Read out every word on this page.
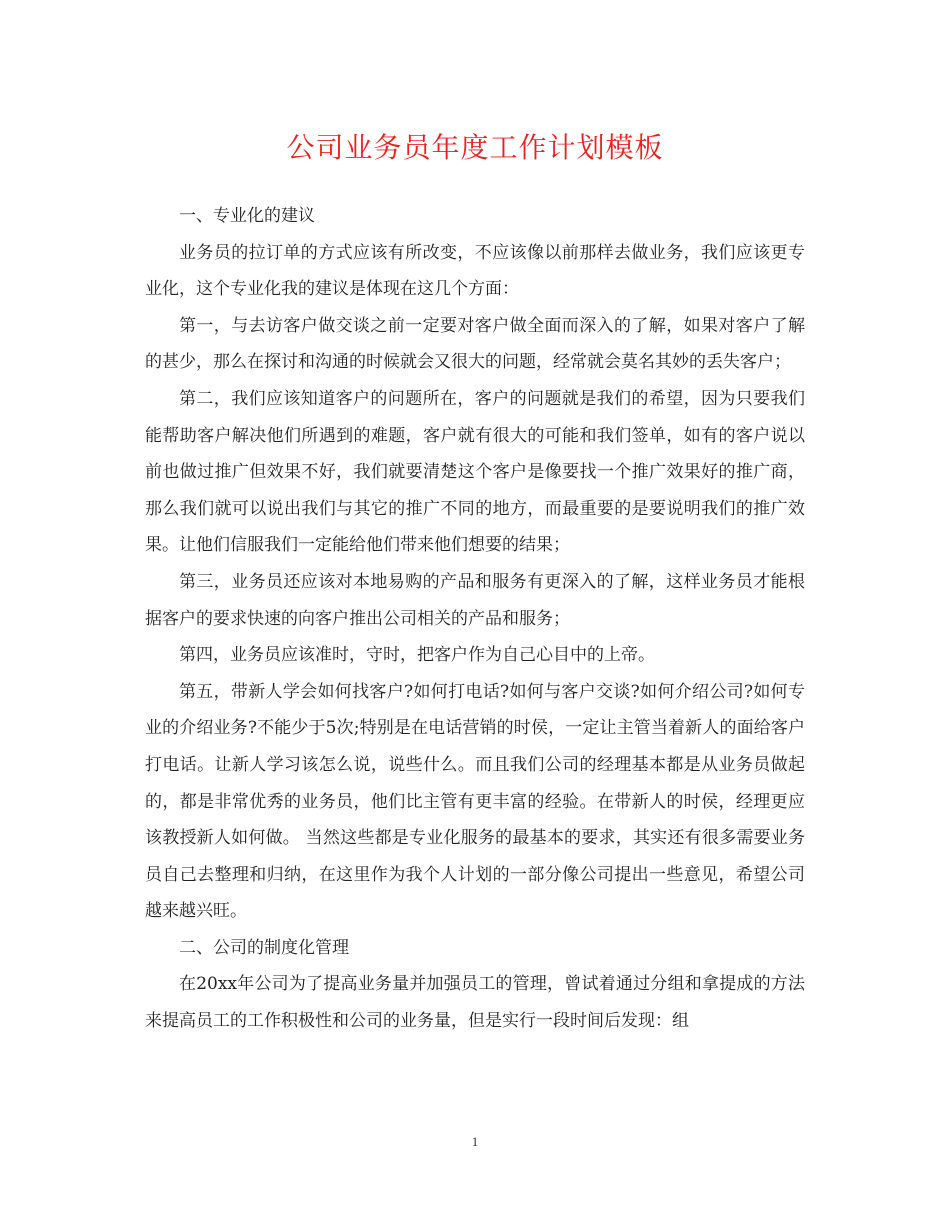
公司业务员年度工作计划模板

一、专业化的建议

业务员的拉订单的方式应该有所改变，不应该像以前那样去做业务，我们应该更专业化，这个专业化我的建议是体现在这几个方面：

第一，与去访客户做交谈之前一定要对客户做全面而深入的了解，如果对客户了解的甚少，那么在探讨和沟通的时候就会又很大的问题，经常就会莫名其妙的丢失客户；

第二，我们应该知道客户的问题所在，客户的问题就是我们的希望，因为只要我们能帮助客户解决他们所遇到的难题，客户就有很大的可能和我们签单，如有的客户说以前也做过推广但效果不好，我们就要清楚这个客户是像要找一个推广效果好的推广商，那么我们就可以说出我们与其它的推广不同的地方，而最重要的是要说明我们的推广效果。让他们信服我们一定能给他们带来他们想要的结果；

第三，业务员还应该对本地易购的产品和服务有更深入的了解，这样业务员才能根据客户的要求快速的向客户推出公司相关的产品和服务；

第四，业务员应该准时，守时，把客户作为自己心目中的上帝。

第五，带新人学会如何找客户?如何打电话?如何与客户交谈?如何介绍公司?如何专业的介绍业务?不能少于5次;特别是在电话营销的时侯，一定让主管当着新人的面给客户打电话。让新人学习该怎么说，说些什么。而且我们公司的经理基本都是从业务员做起的，都是非常优秀的业务员，他们比主管有更丰富的经验。在带新人的时侯，经理更应该教授新人如何做。 当然这些都是专业化服务的最基本的要求，其实还有很多需要业务员自己去整理和归纳，在这里作为我个人计划的一部分像公司提出一些意见，希望公司越来越兴旺。

二、公司的制度化管理

在20xx年公司为了提高业务量并加强员工的管理，曾试着通过分组和拿提成的方法来提高员工的工作积极性和公司的业务量，但是实行一段时间后发现：组

1
